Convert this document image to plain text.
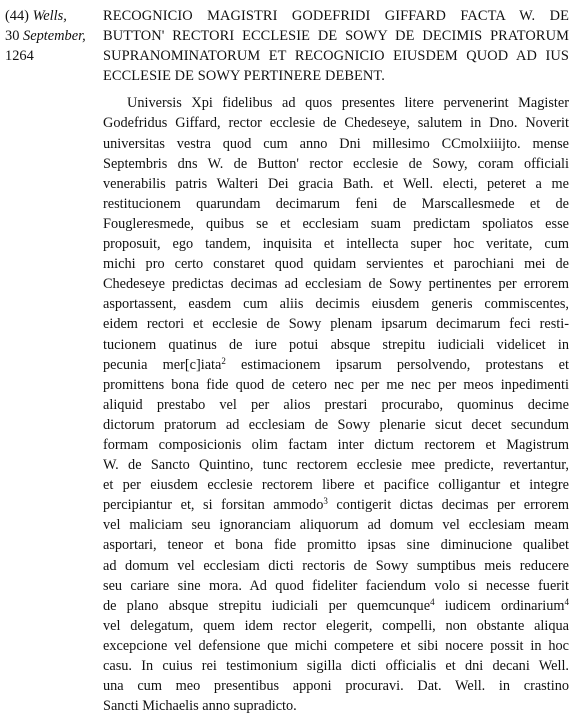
(44) Wells,
30 September,
1264
RECOGNICIO MAGISTRI GODEFRIDI GIFFARD FACTA W. DE
BUTTON' RECTORI ECCLESIE DE SOWY DE DECIMIS PRATORUM
SUPRANOMINATORUM ET RECOGNICIO EIUSDEM QUOD AD IUS
ECCLESIE DE SOWY PERTINERE DEBENT.
Universis Xpi fidelibus ad quos presentes litere pervenerint Magister
Godefridus Giffard, rector ecclesie de Chedeseye, salutem in Dno. Noverit
universitas vestra quod cum anno Dni millesimo CCmolxiiijto. mense
Septembris dns W. de Button' rector ecclesie de Sowy, coram officiali
venerabilis patris Walteri Dei gracia Bath. et Well. electi, peteret a me
restitucionem quarundam decimarum feni de Marscallesmede et de
Fougleresmede, quibus se et ecclesiam suam predictam spoliatos esse
proposuit, ego tandem, inquisita et intellecta super hoc veritate, cum
michi pro certo constaret quod quidam servientes et parochiani mei de
Chedeseye predictas decimas ad ecclesiam de Sowy pertinentes per errorem
asportassent, easdem cum aliis decimis eiusdem generis commiscentes,
eidem rectori et ecclesie de Sowy plenam ipsarum decimarum feci resti-
tucionem quatinus de iure potui absque strepitu iudiciali videlicet in
pecunia mer[c]iata$^2$ estimacionem ipsarum persolvendo, protestans et
promittens bona fide quod de cetero nec per me nec per meos inpedimenti
aliquid prestabo vel per alios prestari procurabo, quominus decime
dictorum pratorum ad ecclesiam de Sowy plenarie sicut decet secundum
formam composicionis olim factam inter dictum rectorem et Magistrum
W. de Sancto Quintino, tunc rectorem ecclesie mee predicte, revertantur,
et per eiusdem ecclesie rectorem libere et pacifice colligantur et integre
percipiantur et, si forsitan ammodo$^3$ contigerit dictas decimas per errorem
vel maliciam seu ignoranciam aliquorum ad domum vel ecclesiam meam
asportari, teneor et bona fide promitto ipsas sine diminucione qualibet
ad domum vel ecclesiam dicti rectoris de Sowy sumptibus meis reducere
seu cariare sine mora. Ad quod fideliter faciendum volo si necesse fuerit
de plano absque strepitu iudiciali per quemcunque$^4$ iudicem ordinarium$^4$
vel delegatum, quem idem rector elegerit, compelli, non obstante aliqua
excepcione vel defensione que michi competere et sibi nocere possit in hoc
casu. In cuius rei testimonium sigilla dicti officialis et dni decani Well.
una cum meo presentibus apponi procuravi. Dat. Well. in crastino
Sancti Michaelis anno supradicto.
